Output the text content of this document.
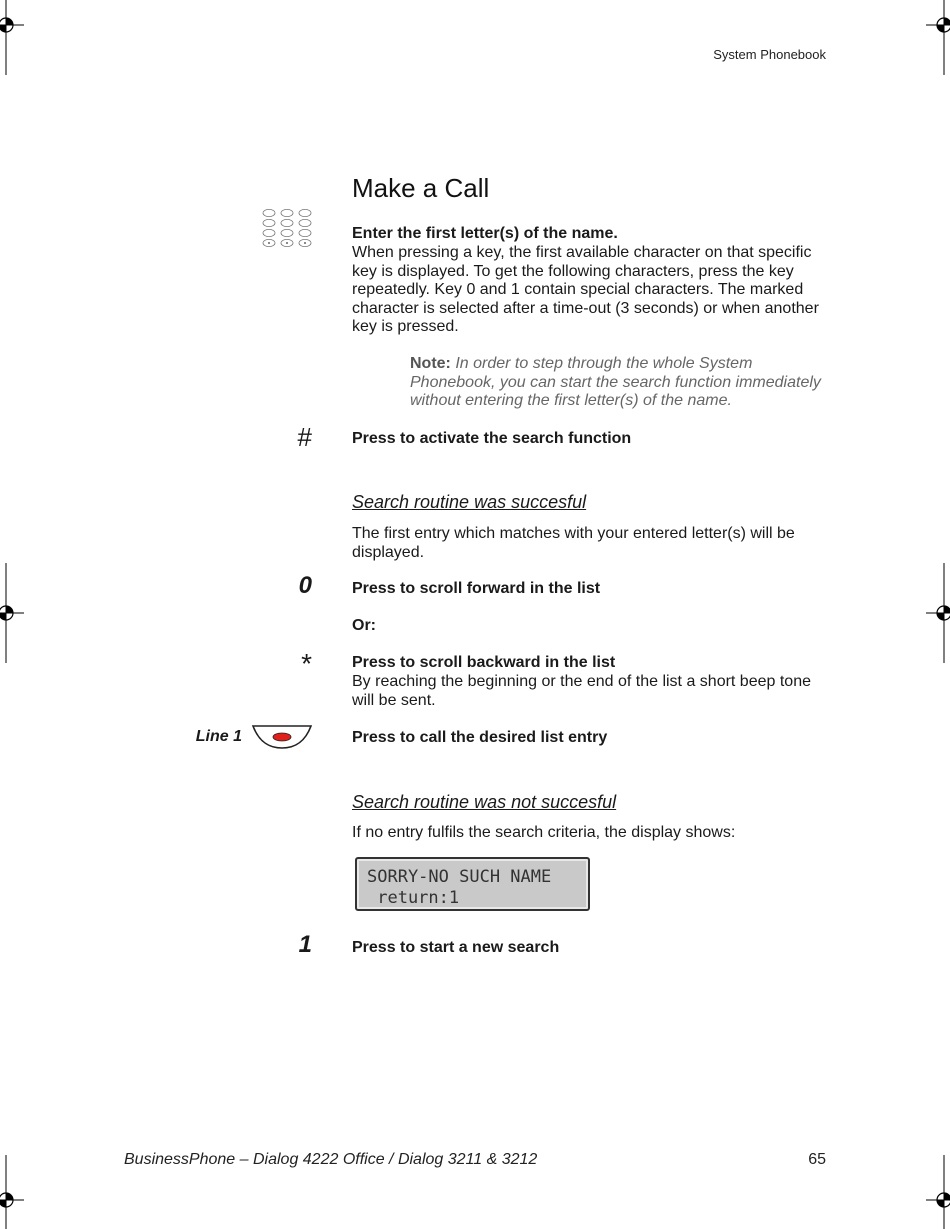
System Phonebook
Make a Call
Enter the first letter(s) of the name.
When pressing a key, the first available character on that specific key is displayed. To get the following characters, press the key repeatedly. Key 0 and 1 contain special characters. The marked character is selected after a time-out (3 seconds) or when another key is pressed.
Note: In order to step through the whole System Phonebook, you can start the search function immediately without entering the first letter(s) of the name.
#	Press to activate the search function
Search routine was succesful
The first entry which matches with your entered letter(s) will be displayed.
0	Press to scroll forward in the list
Or:
*	Press to scroll backward in the list
By reaching the beginning or the end of the list a short beep tone will be sent.
Line 1	Press to call the desired list entry
Search routine was not succesful
If no entry fulfils the search criteria, the display shows:
SORRY-NO SUCH NAME
return:1
1	Press to start a new search
BusinessPhone – Dialog 4222 Office / Dialog 3211 & 3212	65
